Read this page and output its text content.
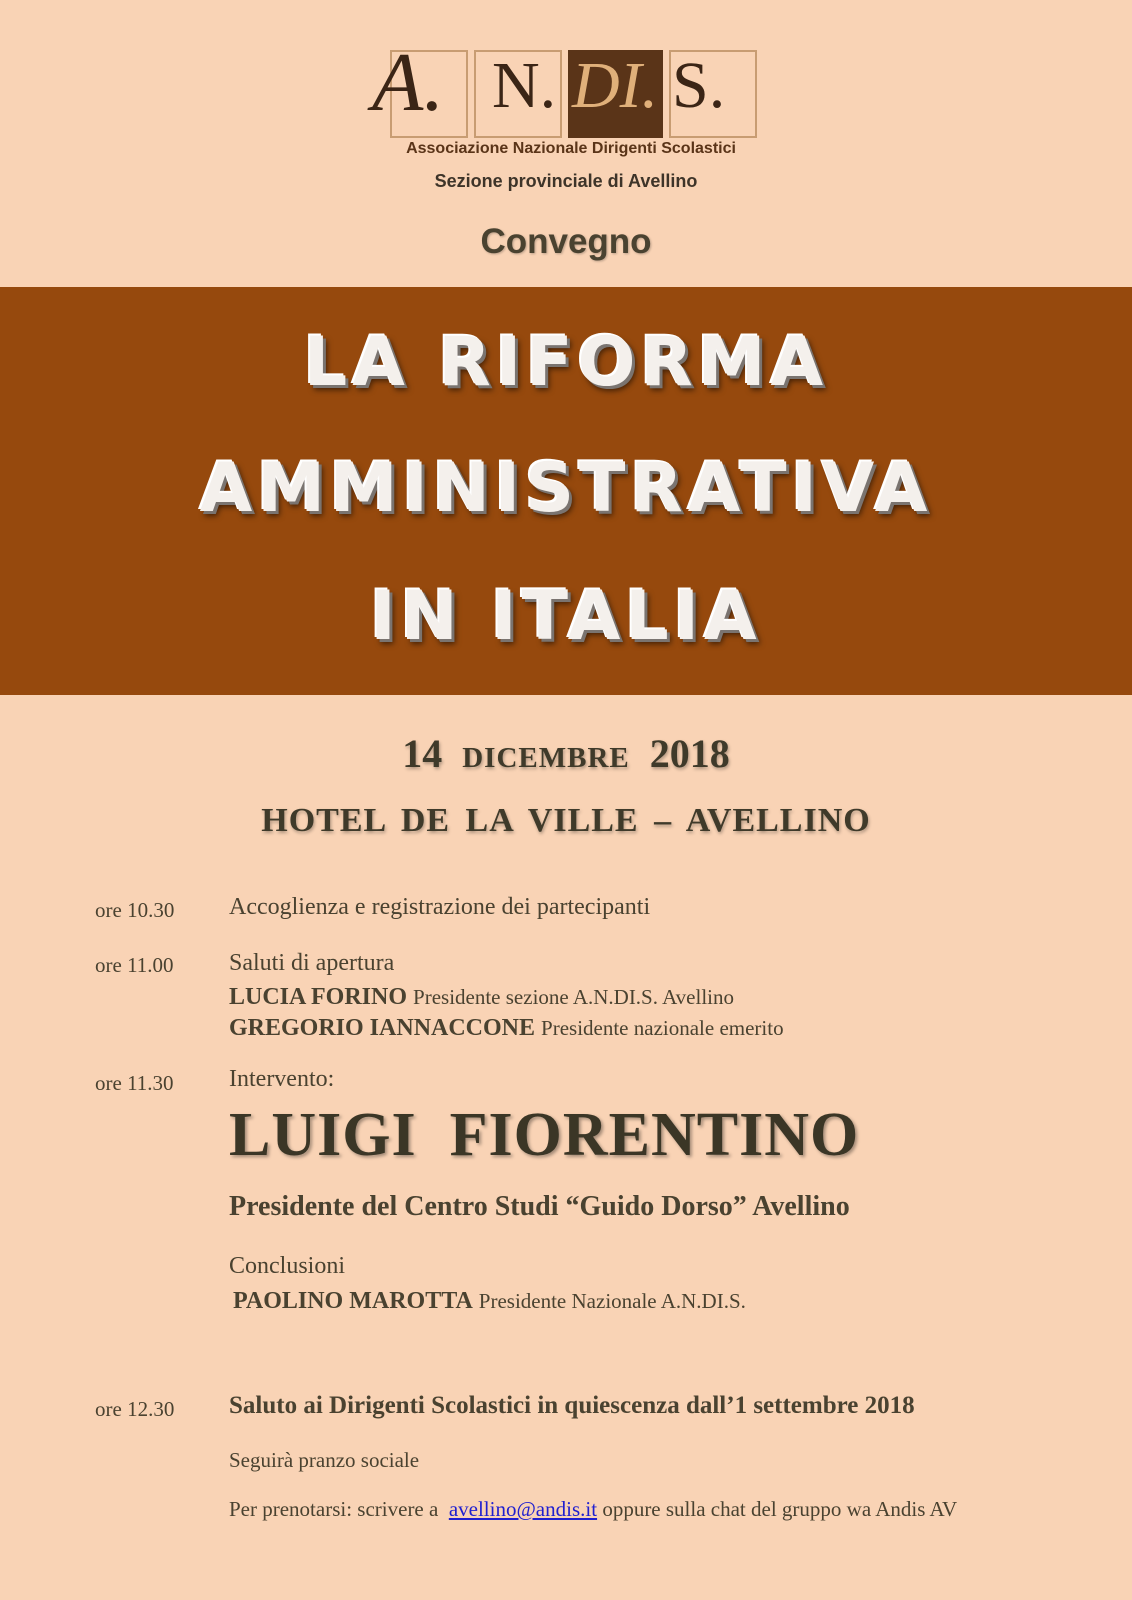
A. N. DI. S.
Associazione Nazionale Dirigenti Scolastici
Sezione provinciale di Avellino
Convegno
LA RIFORMA
AMMINISTRATIVA
IN ITALIA
14 DICEMBRE 2018
HOTEL DE LA VILLE – AVELLINO
ore 10.30 Accoglienza e registrazione dei partecipanti
ore 11.00 Saluti di apertura
LUCIA FORINO Presidente sezione A.N.DI.S. Avellino
GREGORIO IANNACCONE Presidente nazionale emerito
ore 11.30 Intervento:
LUIGI  FIORENTINO
Presidente del Centro Studi “Guido Dorso” Avellino
Conclusioni
PAOLINO MAROTTA Presidente Nazionale A.N.DI.S.
ore 12.30 Saluto ai Dirigenti Scolastici in quiescenza dall’1 settembre 2018
Seguirà pranzo sociale
Per prenotarsi: scrivere a avellino@andis.it oppure sulla chat del gruppo wa Andis AV
